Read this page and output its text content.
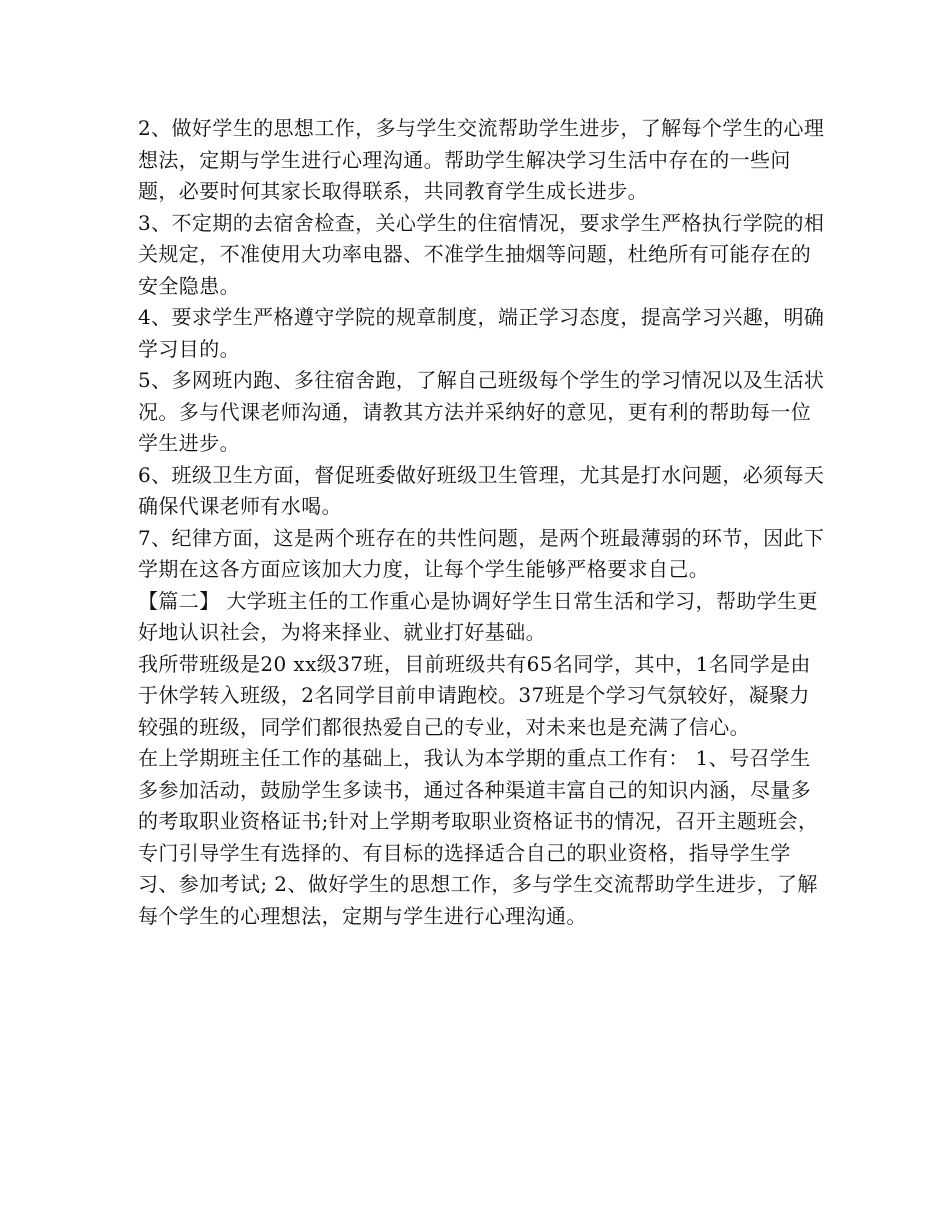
2、做好学生的思想工作，多与学生交流帮助学生进步，了解每个学生的心理想法，定期与学生进行心理沟通。帮助学生解决学习生活中存在的一些问题，必要时何其家长取得联系，共同教育学生成长进步。

3、不定期的去宿舍检查，关心学生的住宿情况，要求学生严格执行学院的相关规定，不准使用大功率电器、不准学生抽烟等问题，杜绝所有可能存在的安全隐患。

4、要求学生严格遵守学院的规章制度，端正学习态度，提高学习兴趣，明确学习目的。

5、多网班内跑、多往宿舍跑，了解自己班级每个学生的学习情况以及生活状况。多与代课老师沟通，请教其方法并采纳好的意见，更有利的帮助每一位学生进步。

6、班级卫生方面，督促班委做好班级卫生管理，尤其是打水问题，必须每天确保代课老师有水喝。

7、纪律方面，这是两个班存在的共性问题，是两个班最薄弱的环节，因此下学期在这各方面应该加大力度，让每个学生能够严格要求自己。

【篇二】 大学班主任的工作重心是协调好学生日常生活和学习，帮助学生更好地认识社会，为将来择业、就业打好基础。

我所带班级是20 xx级37班，目前班级共有65名同学，其中，1名同学是由于休学转入班级，2名同学目前申请跑校。37班是个学习气氛较好，凝聚力较强的班级，同学们都很热爱自己的专业，对未来也是充满了信心。

在上学期班主任工作的基础上，我认为本学期的重点工作有： 1、号召学生多参加活动，鼓励学生多读书，通过各种渠道丰富自己的知识内涵，尽量多的考取职业资格证书;针对上学期考取职业资格证书的情况，召开主题班会，专门引导学生有选择的、有目标的选择适合自己的职业资格，指导学生学习、参加考试; 2、做好学生的思想工作，多与学生交流帮助学生进步，了解每个学生的心理想法，定期与学生进行心理沟通。
